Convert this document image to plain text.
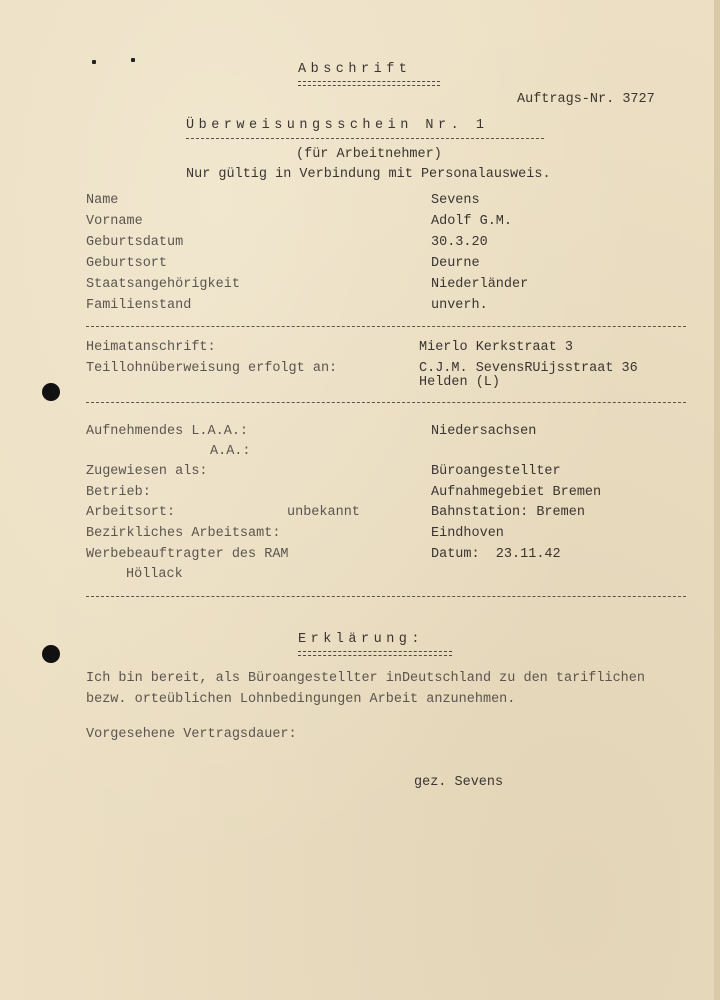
Abschrift
Auftrags-Nr. 3727
Überweisungsschein Nr. 1
(für Arbeitnehmer)
Nur gültig in Verbindung mit Personalausweis.
Name	Sevens
Vorname	Adolf G.M.
Geburtsdatum	30.3.20
Geburtsort	Deurne
Staatsangehörigkeit	Niederländer
Familienstand	unverh.
Heimatanschrift:	Mierlo Kerkstraat 3
Teillohnüberweisung erfolgt an:	C.J.M. SevensRUijsstraat 36
Helden (L)
Aufnehmendes L.A.A.:	Niedersachsen
A.A.:
Zugewiesen als:	Büroangestellter
Betrieb:	Aufnahmegebiet Bremen
Arbeitsort:	unbekannt	Bahnstation: Bremen
Bezirkliches Arbeitsamt:	Eindhoven
Werbebeauftragter des RAM	Datum:  23.11.42
Höllack
Erklärung:
Ich bin bereit, als Büroangestellter inDeutschland zu den tariflichen
bezw. orteüblichen Lohnbedingungen Arbeit anzunehmen.
Vorgesehene Vertragsdauer:
gez. Sevens
